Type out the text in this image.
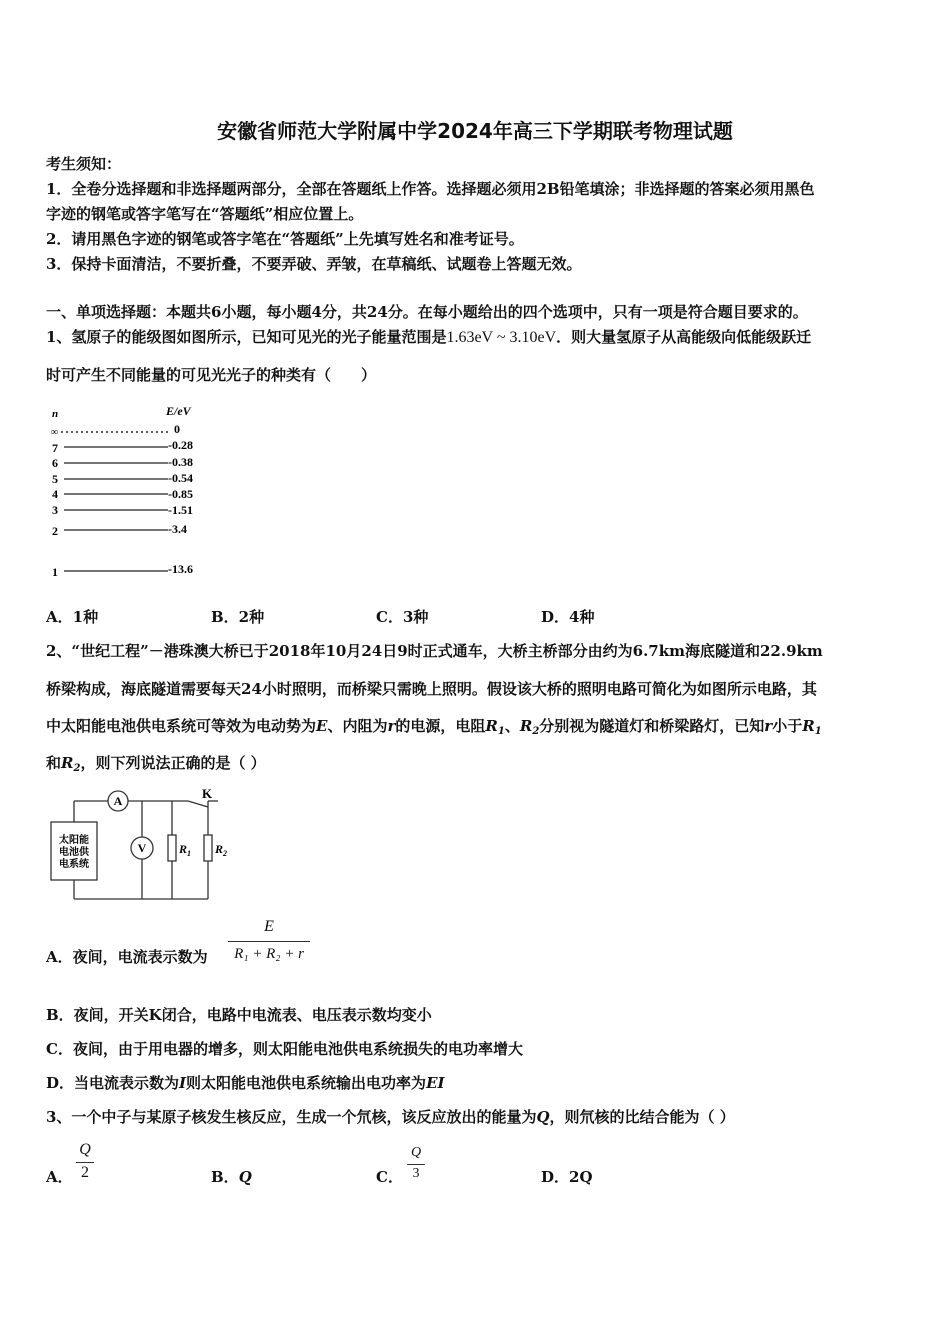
安徽省师范大学附属中学2024年高三下学期联考物理试题
考生须知：
1．全卷分选择题和非选择题两部分，全部在答题纸上作答。选择题必须用2B铅笔填涂；非选择题的答案必须用黑色
字迹的钢笔或答字笔写在“答题纸”相应位置上。
2．请用黑色字迹的钢笔或答字笔在“答题纸”上先填写姓名和准考证号。
3．保持卡面清洁，不要折叠，不要弄破、弄皱，在草稿纸、试题卷上答题无效。
一、单项选择题：本题共6小题，每小题4分，共24分。在每小题给出的四个选项中，只有一项是符合题目要求的。
1、氢原子的能级图如图所示，已知可见光的光子能量范围是1.63eV ~ 3.10eV．则大量氢原子从高能级向低能级跃迁
时可产生不同能量的可见光光子的种类有（　　）
n	E/eV
∞	0
7	-0.28
6	-0.38
5	-0.54
4	-0.85
3	-1.51
2	-3.4
1	-13.6
A．1种	B．2种	C．3种	D．4种
2、“世纪工程”－港珠澳大桥已于2018年10月24日9时正式通车，大桥主桥部分由约为6.7km海底隧道和22.9km
桥梁构成，海底隧道需要每天24小时照明，而桥梁只需晚上照明。假设该大桥的照明电路可简化为如图所示电路，其
中太阳能电池供电系统可等效为电动势为E、内阻为r的电源，电阻$R_1$、$R_2$分别视为隧道灯和桥梁路灯，已知r小于$R_1$
和$R_2$，则下列说法正确的是（ ）
太阳能
电池供
电系统
A	K
V	$R_1$ $R_2$
A．夜间，电流表示数为
E
R₁ + R₂ + r
B．夜间，开关K闭合，电路中电流表、电压表示数均变小
C．夜间，由于用电器的增多，则太阳能电池供电系统损失的电功率增大
D．当电流表示数为I则太阳能电池供电系统输出电功率为EI
3、一个中子与某原子核发生核反应，生成一个氘核，该反应放出的能量为Q，则氘核的比结合能为（ ）
A．
Q
2	B．Q	C．
Q
3	D．2Q
